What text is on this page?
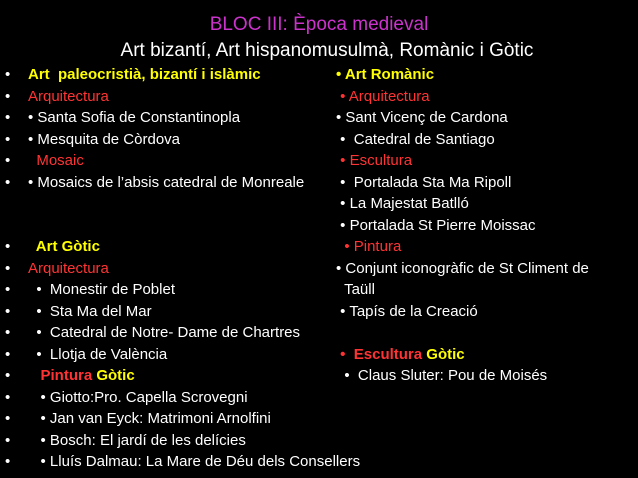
BLOC III: Època medieval
Art bizantí, Art hispanomusulmà, Romànic i Gòtic
• Art  paleocristià, bizantí i islàmic
• Arquitectura
• • Santa Sofia de Constantinopla
• • Mesquita de Còrdova
• Mosaic
• • Mosaics de l’absis catedral de Monreale
• Art Gòtic
• Arquitectura
• •  Monestir de Poblet
• •  Sta Ma del Mar
• •  Catedral de Notre- Dame de Chartres
• •  Llotja de València
• Pintura Gòtic
• • Giotto:Pro. Capella Scrovegni
• • Jan van Eyck: Matrimoni Arnolfini
• • Bosch: El jardí de les delícies
• • Lluís Dalmau: La Mare de Déu dels Consellers
• Art Romànic
• Arquitectura
• Sant Vicenç de Cardona
•  Catedral de Santiago
• Escultura
•  Portalada Sta Ma Ripoll
• La Majestat Batlló
• Portalada St Pierre Moissac
• Pintura
• Conjunt iconogràfic de St Climent de
Taüll
• Tapís de la Creació
•  Escultura Gòtic
•  Claus Sluter: Pou de Moisés
